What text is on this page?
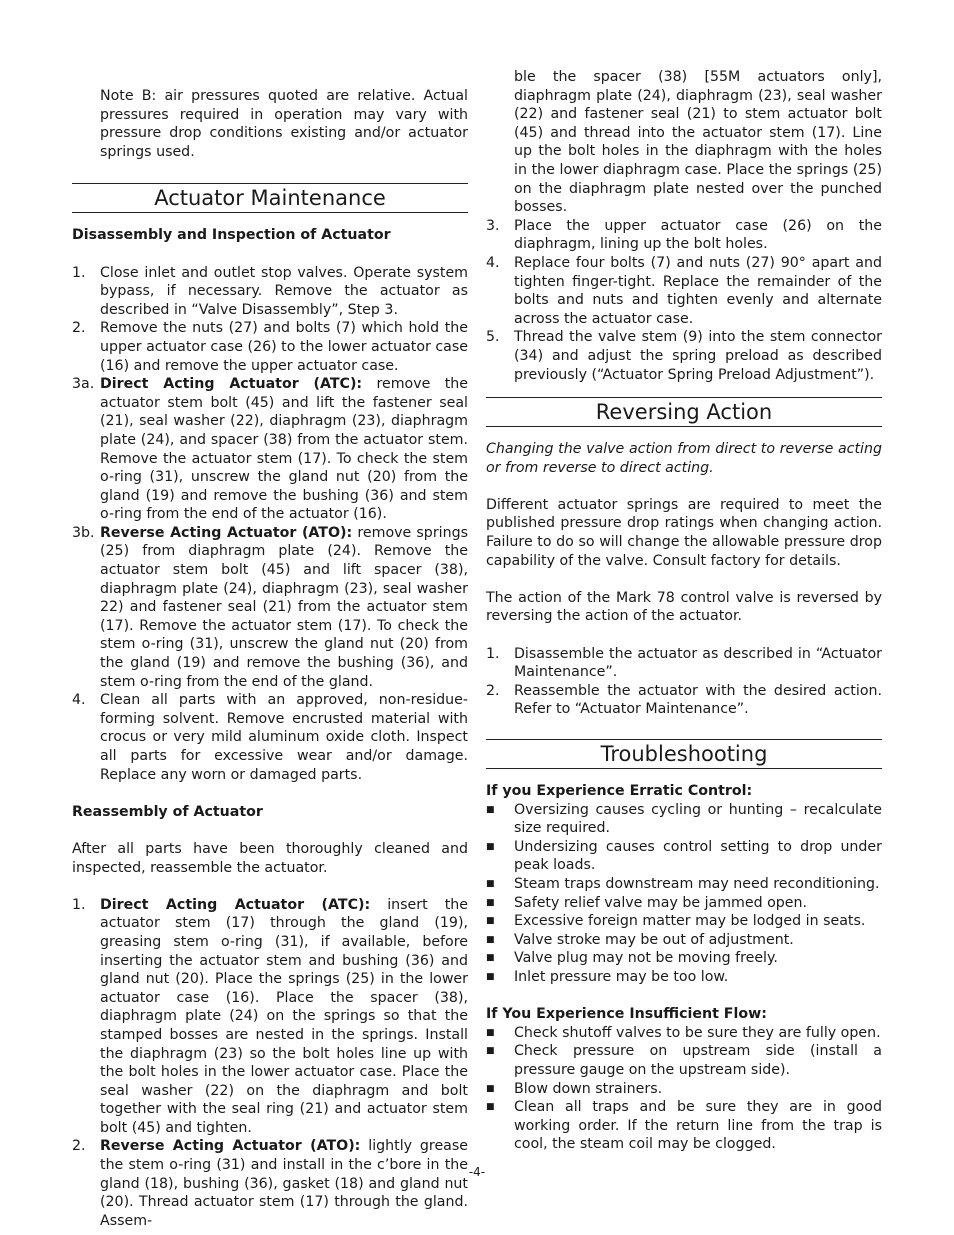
Note B: air pressures quoted are relative. Actual pressures required in operation may vary with pressure drop conditions existing and/or actuator springs used.

Actuator Maintenance
Disassembly and Inspection of Actuator
1.	Close inlet and outlet stop valves. Operate system bypass, if necessary. Remove the actuator as described in “Valve Disassembly”, Step 3.
2.	Remove the nuts (27) and bolts (7) which hold the upper actuator case (26) to the lower actuator case (16) and remove the upper actuator case.
3a. Direct Acting Actuator (ATC): remove the actuator stem bolt (45) and lift the fastener seal (21), seal washer (22), diaphragm (23), diaphragm plate (24), and spacer (38) from the actuator stem. Remove the actuator stem (17). To check the stem o-ring (31), unscrew the gland nut (20) from the gland (19) and remove the bushing (36) and stem o-ring from the end of the actuator (16).
3b. Reverse Acting Actuator (ATO): remove springs (25) from diaphragm plate (24). Remove the actuator stem bolt (45) and lift spacer (38), diaphragm plate (24), diaphragm (23), seal washer 22) and fastener seal (21) from the actuator stem (17). Remove the actuator stem (17). To check the stem o-ring (31), unscrew the gland nut (20) from the gland (19) and remove the bushing (36), and stem o-ring from the end of the gland.
4.	Clean all parts with an approved, non-residue-forming solvent. Remove encrusted material with crocus or very mild aluminum oxide cloth. Inspect all parts for excessive wear and/or damage. Replace any worn or damaged parts.
Reassembly of Actuator

After all parts have been thoroughly cleaned and inspected, reassemble the actuator.

1.	Direct Acting Actuator (ATC): insert the actuator stem (17) through the gland (19), greasing stem o-ring (31), if available, before inserting the actuator stem and bushing (36) and gland nut (20). Place the springs (25) in the lower actuator case (16). Place the spacer (38), diaphragm plate (24) on the springs so that the stamped bosses are nested in the springs. Install the diaphragm (23) so the bolt holes line up with the bolt holes in the lower actuator case. Place the seal washer (22) on the diaphragm and bolt together with the seal ring (21) and actuator stem bolt (45) and tighten.
2.	Reverse Acting Actuator (ATO): lightly grease the stem o-ring (31) and install in the c’bore in the gland (18), bushing (36), gasket (18) and gland nut (20). Thread actuator stem (17) through the gland. Assem-
ble the spacer (38) [55M actuators only], diaphragm plate (24), diaphragm (23), seal washer (22) and fastener seal (21) to stem actuator bolt (45) and thread into the actuator stem (17). Line up the bolt holes in the diaphragm with the holes in the lower diaphragm case. Place the springs (25) on the diaphragm plate nested over the punched bosses.
3.	Place the upper actuator case (26) on the diaphragm, lining up the bolt holes.
4.	Replace four bolts (7) and nuts (27) 90° apart and tighten finger-tight. Replace the remainder of the bolts and nuts and tighten evenly and alternate across the actuator case.
5.	Thread the valve stem (9) into the stem connector (34) and adjust the spring preload as described previously (“Actuator Spring Preload Adjustment”).
Reversing Action

Changing the valve action from direct to reverse acting or from reverse to direct acting.

Different actuator springs are required to meet the published pressure drop ratings when changing action. Failure to do so will change the allowable pressure drop capability of the valve. Consult factory for details.

The action of the Mark 78 control valve is reversed by reversing the action of the actuator.

1.	Disassemble the actuator as described in “Actuator Maintenance”.
2.	Reassemble the actuator with the desired action. Refer to “Actuator Maintenance”.
Troubleshooting
If you Experience Erratic Control:
■	Oversizing causes cycling or hunting – recalculate size required.
■	Undersizing causes control setting to drop under peak loads.
■	Steam traps downstream may need reconditioning.
■	Safety relief valve may be jammed open.
■	Excessive foreign matter may be lodged in seats.
■	Valve stroke may be out of adjustment.
■	Valve plug may not be moving freely.
■	Inlet pressure may be too low.
If You Experience Insufficient Flow:
■	Check shutoff valves to be sure they are fully open.
■	Check pressure on upstream side (install a pressure gauge on the upstream side).
■	Blow down strainers.
■	Clean all traps and be sure they are in good working order. If the return line from the trap is cool, the steam coil may be clogged.
-4-
